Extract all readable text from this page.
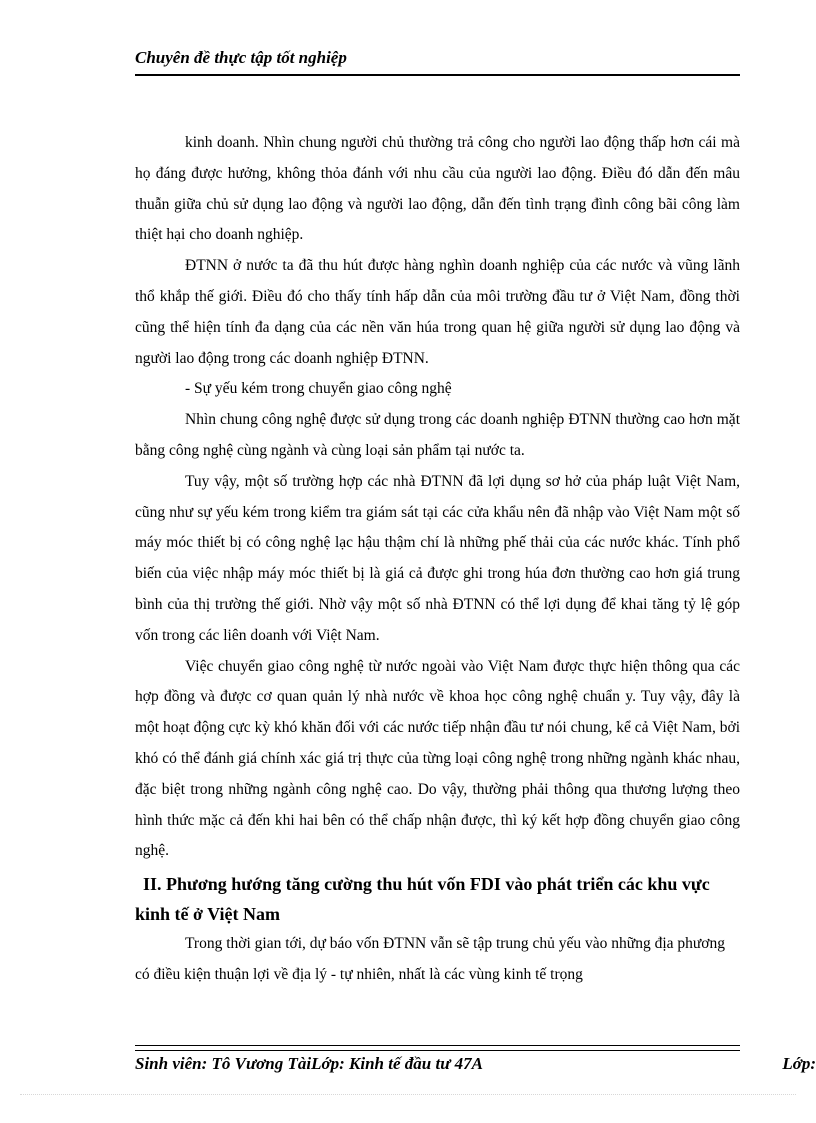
Chuyên đề thực tập tốt nghiệp

kinh doanh. Nhìn chung người chủ thường trả công cho người lao động thấp hơn cái mà họ đáng được hưởng, không thỏa đánh với nhu cầu của người lao động. Điều đó dẫn đến mâu thuẫn giữa chủ sử dụng lao động và người lao động, dẫn đến tình trạng đình công bãi công làm thiệt hại cho doanh nghiệp.

ĐTNN ở nước ta đã thu hút được hàng nghìn doanh nghiệp của các nước và vũng lãnh thổ khắp thế giới. Điều đó cho thấy tính hấp dẫn của môi trường đầu tư ở Việt Nam, đồng thời cũng thể hiện tính đa dạng của các nền văn húa trong quan hệ giữa người sử dụng lao động và người lao động trong các doanh nghiệp ĐTNN.

- Sự yếu kém trong chuyển giao công nghệ

Nhìn chung công nghệ được sử dụng trong các doanh nghiệp ĐTNN thường cao hơn mặt bằng công nghệ cùng ngành và cùng loại sản phẩm tại nước ta.

Tuy vậy, một số trường hợp các nhà ĐTNN đã lợi dụng sơ hở của pháp luật Việt Nam, cũng như sự yếu kém trong kiểm tra giám sát tại các cửa khẩu nên đã nhập vào Việt Nam một số máy móc thiết bị có công nghệ lạc hậu thậm chí là những phế thải của các nước khác. Tính phổ biến của việc nhập máy móc thiết bị là giá cả được ghi trong húa đơn thường cao hơn giá trung bình của thị trường thế giới. Nhờ vậy một số nhà ĐTNN có thể lợi dụng để khai tăng tỷ lệ góp vốn trong các liên doanh với Việt Nam.

Việc chuyển giao công nghệ từ nước ngoài vào Việt Nam được thực hiện thông qua các hợp đồng và được cơ quan quản lý nhà nước về khoa học công nghệ chuẩn y. Tuy vậy, đây là một hoạt động cực kỳ khó khăn đối với các nước tiếp nhận đầu tư nói chung, kể cả Việt Nam, bởi khó có thể đánh giá chính xác giá trị thực của từng loại công nghệ trong những ngành khác nhau, đặc biệt trong những ngành công nghệ cao. Do vậy, thường phải thông qua thương lượng theo hình thức mặc cả đến khi hai bên có thể chấp nhận được, thì ký kết hợp đồng chuyển giao công nghệ.

II. Phương hướng tăng cường thu hút vốn FDI vào phát triển các khu vực kinh tế ở Việt Nam

Trong thời gian tới, dự báo vốn ĐTNN vẫn sẽ tập trung chủ yếu vào những địa phương có điều kiện thuận lợi về địa lý - tự nhiên, nhất là các vùng kinh tế trọng

Sinh viên: Tô Vương TàiLớp: Kinh tế đầu tư 47A	Lớp:
